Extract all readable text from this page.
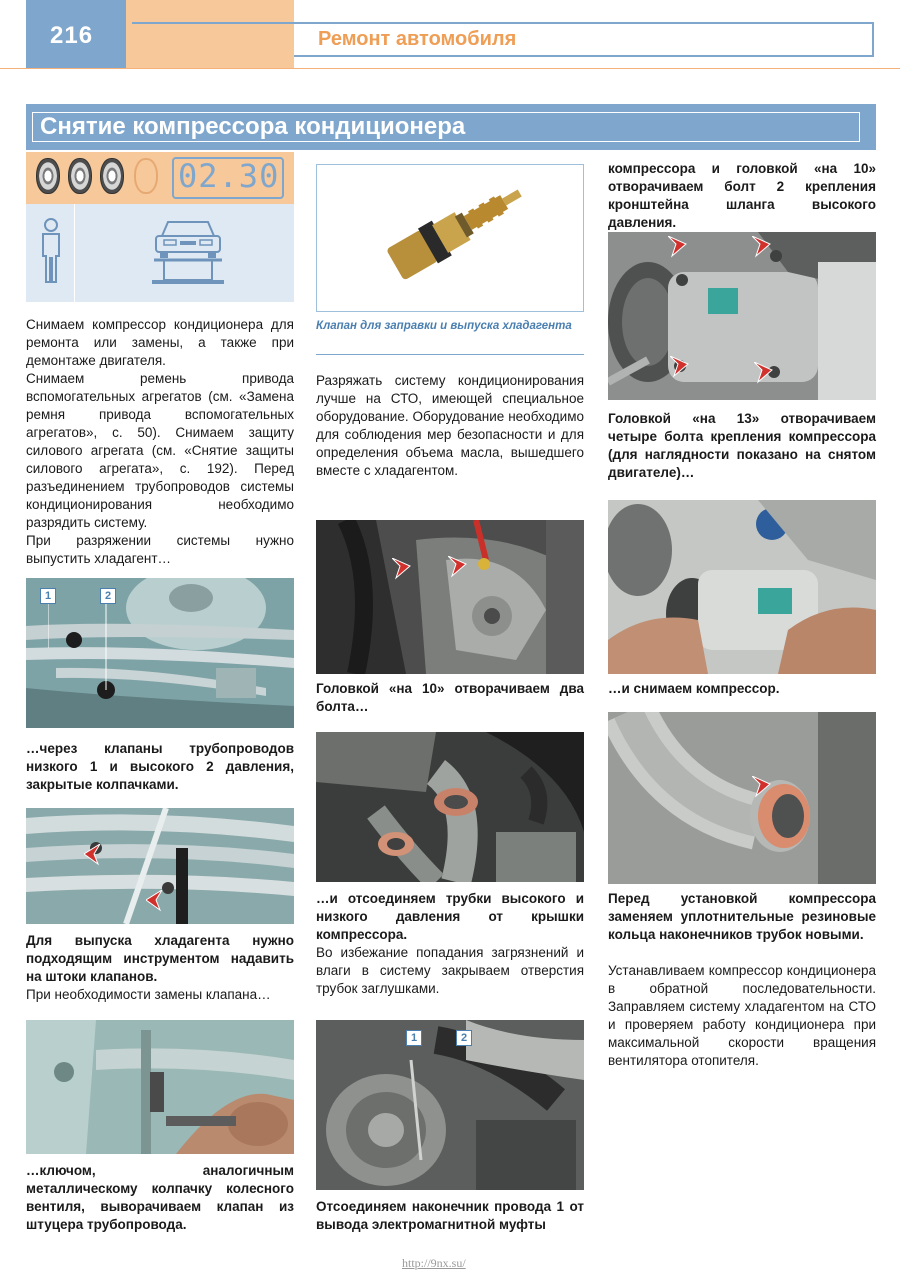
216	Ремонт автомобиля
Снятие компрессора кондиционера
02.30

Снимаем компрессор кондиционера для ремонта или замены, а также при демонтаже двигателя.

Снимаем ремень привода вспомогательных агрегатов (см. «Замена ремня привода вспомогательных агрегатов», с. 50). Снимаем защиту силового агрегата (см. «Снятие защиты силового агрегата», с. 192). Перед разъединением трубопроводов системы кондиционирования необходимо разрядить систему.

При разряжении системы нужно выпустить хладагент…

1	2
…через клапаны трубопроводов низкого 1 и высокого 2 давления, закрытые колпачками.

Для выпуска хладагента нужно подходящим инструментом надавить на штоки клапанов.

При необходимости замены клапана…

…ключом, аналогичным металлическому колпачку колесного вентиля, выворачиваем клапан из штуцера трубопровода.
Клапан для заправки и выпуска хладагента
Разряжать систему кондиционирования лучше на СТО, имеющей специальное оборудование. Оборудование необходимо для соблюдения мер безопасности и для определения объема масла, вышедшего вместе с хладагентом.
Головкой «на 10» отворачиваем два болта…

…и отсоединяем трубки высокого и низкого давления от крышки компрессора.

Во избежание попадания загрязнений и влаги в систему закрываем отверстия трубок заглушками.

1	2
Отсоединяем наконечник провода 1 от вывода электромагнитной муфты
компрессора и головкой «на 10» отворачиваем болт 2 крепления кронштейна шланга высокого давления.
Головкой «на 13» отворачиваем четыре болта крепления компрессора (для наглядности показано на снятом двигателе)…
…и снимаем компрессор.
Перед установкой компрессора заменяем уплотнительные резиновые кольца наконечников трубок новыми.
Устанавливаем компрессор кондиционера в обратной последовательности. Заправляем систему хладагентом на СТО и проверяем работу кондиционера при максимальной скорости вращения вентилятора отопителя.
http://9nx.su/
